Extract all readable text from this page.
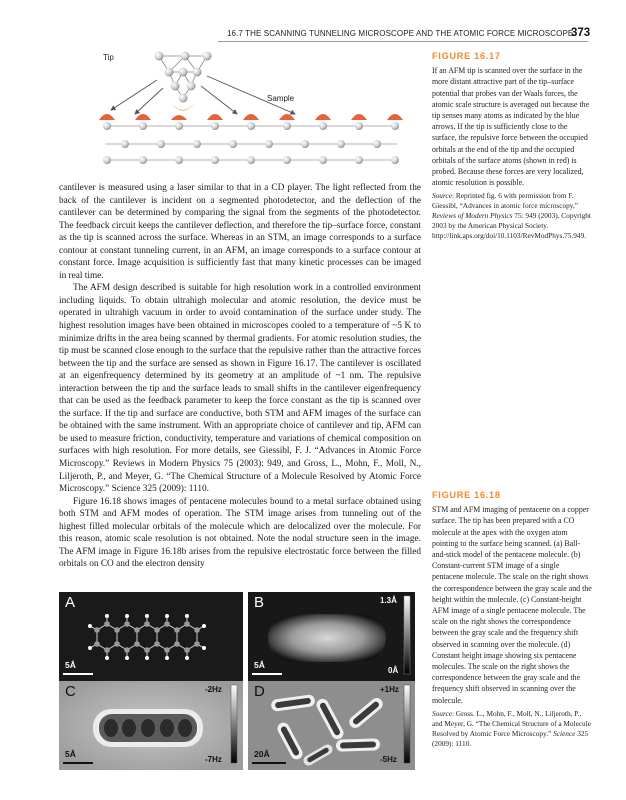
16.7 THE SCANNING TUNNELING MICROSCOPE AND THE ATOMIC FORCE MICROSCOPE
373
Tip
Sample
FIGURE 16.17

If an AFM tip is scanned over the surface in the more distant attractive part of the tip–surface potential that probes van der Waals forces, the atomic scale structure is averaged out because the tip senses many atoms as indicated by the blue arrows. If the tip is sufficiently close to the surface, the repulsive force between the occupied orbitals at the end of the tip and the occupied orbitals of the surface atoms (shown in red) is probed. Because these forces are very localized, atomic resolution is possible.

Source: Reprinted fig. 6 with permission from F. Giessibl, “Advances in atomic force microscopy,” Reviews of Modern Physics 75: 949 (2003). Copyright 2003 by the American Physical Society. http://link.aps.org/doi/10.1103/RevModPhys.75.949.

cantilever is measured using a laser similar to that in a CD player. The light reflected from the back of the cantilever is incident on a segmented photodetector, and the deflection of the cantilever can be determined by comparing the signal from the segments of the photodetector. The feedback circuit keeps the cantilever deflection, and therefore the tip–surface force, constant as the tip is scanned across the surface. Whereas in an STM, an image corresponds to a surface contour at constant tunneling current, in an AFM, an image corresponds to a surface contour at constant force. Image acquisition is sufficiently fast that many kinetic processes can be imaged in real time.

The AFM design described is suitable for high resolution work in a controlled environment including liquids. To obtain ultrahigh molecular and atomic resolution, the device must be operated in ultrahigh vacuum in order to avoid contamination of the surface under study. The highest resolution images have been obtained in microscopes cooled to a temperature of ~5 K to minimize drifts in the area being scanned by thermal gradients. For atomic resolution studies, the tip must be scanned close enough to the surface that the repulsive rather than the attractive forces between the tip and the surface are sensed as shown in Figure 16.17. The cantilever is oscillated at an eigenfrequency determined by its geometry at an amplitude of ~1 nm. The repulsive interaction between the tip and the surface leads to small shifts in the cantilever eigenfrequency that can be used as the feedback parameter to keep the force constant as the tip is scanned over the surface. If the tip and surface are conductive, both STM and AFM images of the surface can be obtained with the same instrument. With an appropriate choice of cantilever and tip, AFM can be used to measure friction, conductivity, temperature and variations of chemical composition on surfaces with high resolution. For more details, see Giessibl, F. J. “Advances in Atomic Force Microscopy.” Reviews in Modern Physics 75 (2003): 949, and Gross, L., Mohn, F., Moll, N., Liljeroth, P., and Meyer, G. “The Chemical Structure of a Molecule Resolved by Atomic Force Microscopy.” Science 325 (2009): 1110.

Figure 16.18 shows images of pentacene molecules bound to a metal surface obtained using both STM and AFM modes of operation. The STM image arises from tunneling out of the highest filled molecular orbitals of the molecule which are delocalized over the molecule. For this reason, atomic scale resolution is not obtained. Note the nodal structure seen in the image. The AFM image in Figure 16.18b arises from the repulsive electrostatic force between the filled orbitals on CO and the electron density

FIGURE 16.18

STM and AFM imaging of pentacene on a copper surface. The tip has been prepared with a CO molecule at the apex with the oxygen atom pointing to the surface being scanned. (a) Ball-and-stick model of the pentacene molecule. (b) Constant-current STM image of a single pentacene molecule. The scale on the right shows the correspondence between the gray scale and the height within the molecule. (c) Constant-height AFM image of a single pentacene molecule. The scale on the right shows the correspondence between the gray scale and the frequency shift observed in scanning over the molecule. (d) Constant height image showing six pentacene molecules. The scale on the right shows the correspondence between the gray scale and the frequency shift observed in scanning over the molecule.

Source: Gross. L., Mohn, F., Moll, N., Liljeroth, P., and Meyer, G. “The Chemical Structure of a Molecule Resolved by Atomic Force Microscopy.” Science 325 (2009): 1110.

A
5Å
B
5Å
1.3Å
0Å
C
5Å
-2Hz
-7Hz
D
20Å
+1Hz
-5Hz
